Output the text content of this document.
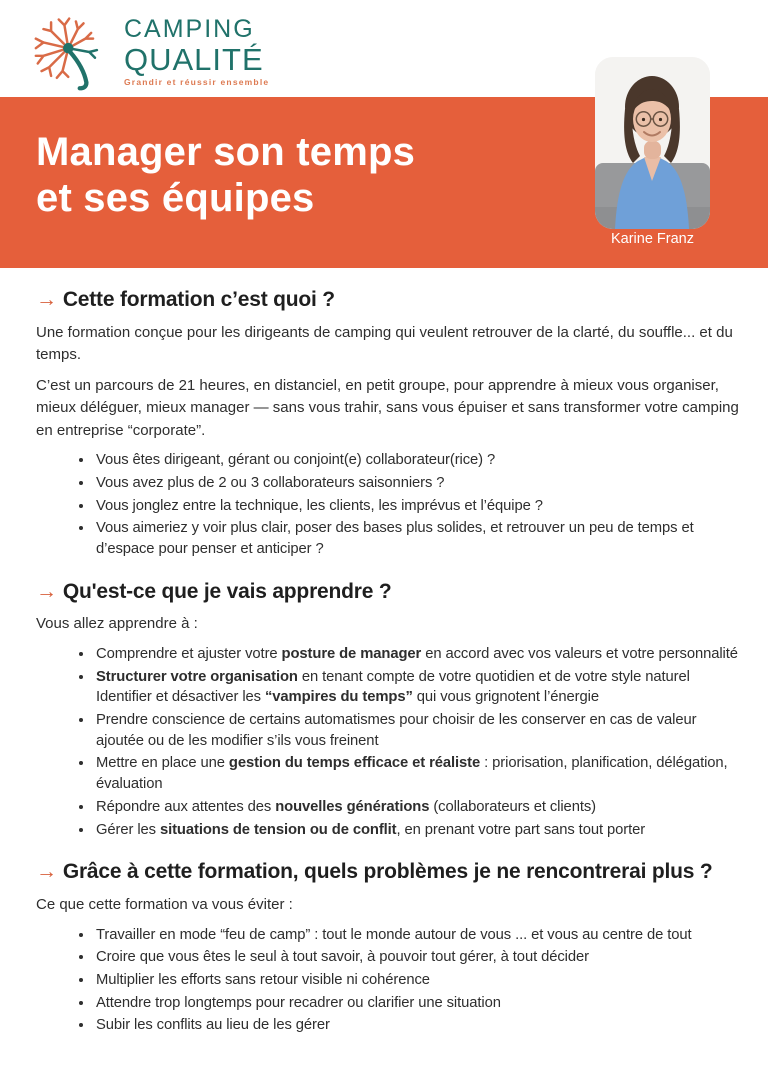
CAMPING
QUALITÉ
Grandir et réussir ensemble
Manager son temps
et ses équipes
Karine Franz
→ Cette formation c’est quoi ?

Une formation conçue pour les dirigeants de camping qui veulent retrouver de la clarté, du souffle... et du temps.

C’est un parcours de 21 heures, en distanciel, en petit groupe, pour apprendre à mieux vous organiser, mieux déléguer, mieux manager — sans vous trahir, sans vous épuiser et sans transformer votre camping en entreprise “corporate”.

• Vous êtes dirigeant, gérant ou conjoint(e) collaborateur(rice) ?
• Vous avez plus de 2 ou 3 collaborateurs saisonniers ?
• Vous jonglez entre la technique, les clients, les imprévus et l’équipe ?
• Vous aimeriez y voir plus clair, poser des bases plus solides, et retrouver un peu de temps et d’espace pour penser et anticiper ?
→ Qu'est-ce que je vais apprendre ?

Vous allez apprendre à :

• Comprendre et ajuster votre posture de manager en accord avec vos valeurs et votre personnalité
• Structurer votre organisation en tenant compte de votre quotidien et de votre style naturel
Identifier et désactiver les “vampires du temps” qui vous grignotent l’énergie
• Prendre conscience de certains automatismes pour choisir de les conserver en cas de valeur ajoutée ou de les modifier s’ils vous freinent
• Mettre en place une gestion du temps efficace et réaliste : priorisation, planification, délégation, évaluation
• Répondre aux attentes des nouvelles générations (collaborateurs et clients)
• Gérer les situations de tension ou de conflit, en prenant votre part sans tout porter
→ Grâce à cette formation, quels problèmes je ne rencontrerai plus ?

Ce que cette formation va vous éviter :

• Travailler en mode “feu de camp” : tout le monde autour de vous ... et vous au centre de tout
• Croire que vous êtes le seul à tout savoir, à pouvoir tout gérer, à tout décider
• Multiplier les efforts sans retour visible ni cohérence
• Attendre trop longtemps pour recadrer ou clarifier une situation
• Subir les conflits au lieu de les gérer
